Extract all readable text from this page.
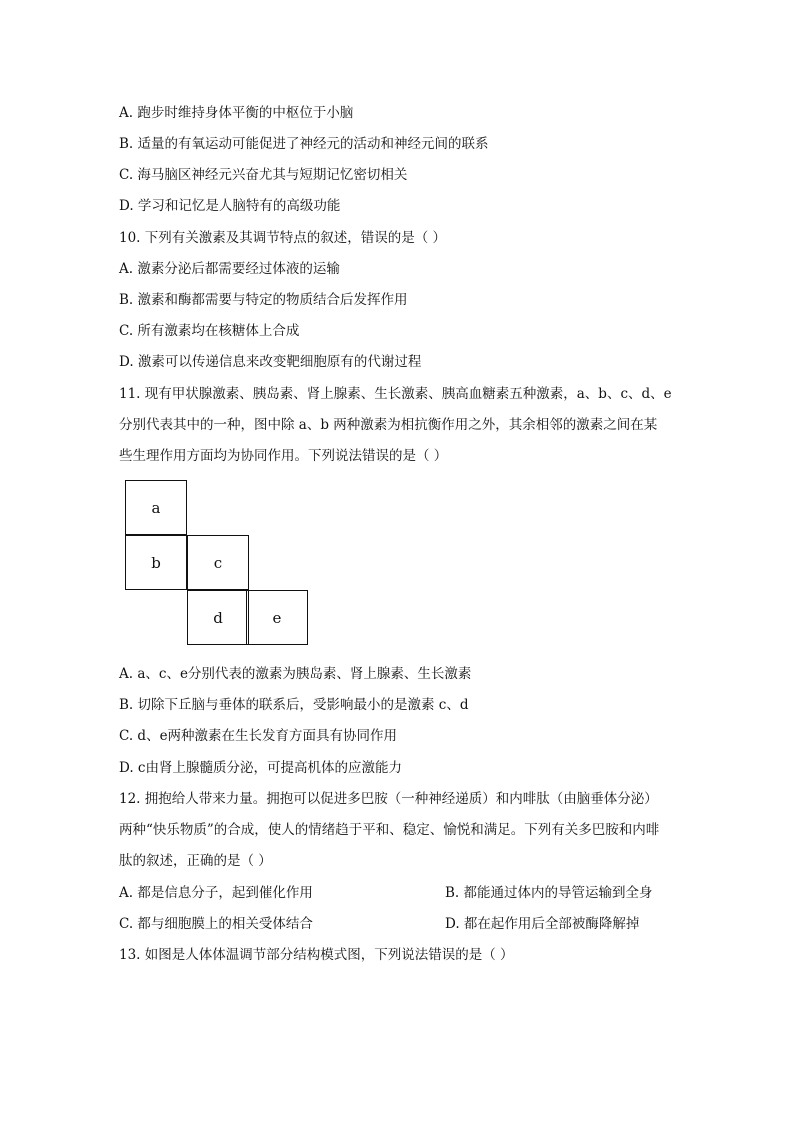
A. 跑步时维持身体平衡的中枢位于小脑
B. 适量的有氧运动可能促进了神经元的活动和神经元间的联系
C. 海马脑区神经元兴奋尤其与短期记忆密切相关
D. 学习和记忆是人脑特有的高级功能
10. 下列有关激素及其调节特点的叙述，错误的是（ ）
A. 激素分泌后都需要经过体液的运输
B. 激素和酶都需要与特定的物质结合后发挥作用
C. 所有激素均在核糖体上合成
D. 激素可以传递信息来改变靶细胞原有的代谢过程
11. 现有甲状腺激素、胰岛素、肾上腺素、生长激素、胰高血糖素五种激素，a、b、c、d、e
分别代表其中的一种，图中除 a、b 两种激素为相抗衡作用之外，其余相邻的激素之间在某
些生理作用方面均为协同作用。下列说法错误的是（ ）
a
b	c
d	e
A. a、c、e分别代表的激素为胰岛素、肾上腺素、生长激素
B. 切除下丘脑与垂体的联系后，受影响最小的是激素 c、d
C. d、e两种激素在生长发育方面具有协同作用
D. c由肾上腺髓质分泌，可提高机体的应激能力
12. 拥抱给人带来力量。拥抱可以促进多巴胺（一种神经递质）和内啡肽（由脑垂体分泌）
两种“快乐物质”的合成，使人的情绪趋于平和、稳定、愉悦和满足。下列有关多巴胺和内啡
肽的叙述，正确的是（ ）
A. 都是信息分子，起到催化作用	B. 都能通过体内的导管运输到全身
C. 都与细胞膜上的相关受体结合	D. 都在起作用后全部被酶降解掉
13. 如图是人体体温调节部分结构模式图，下列说法错误的是（ ）
